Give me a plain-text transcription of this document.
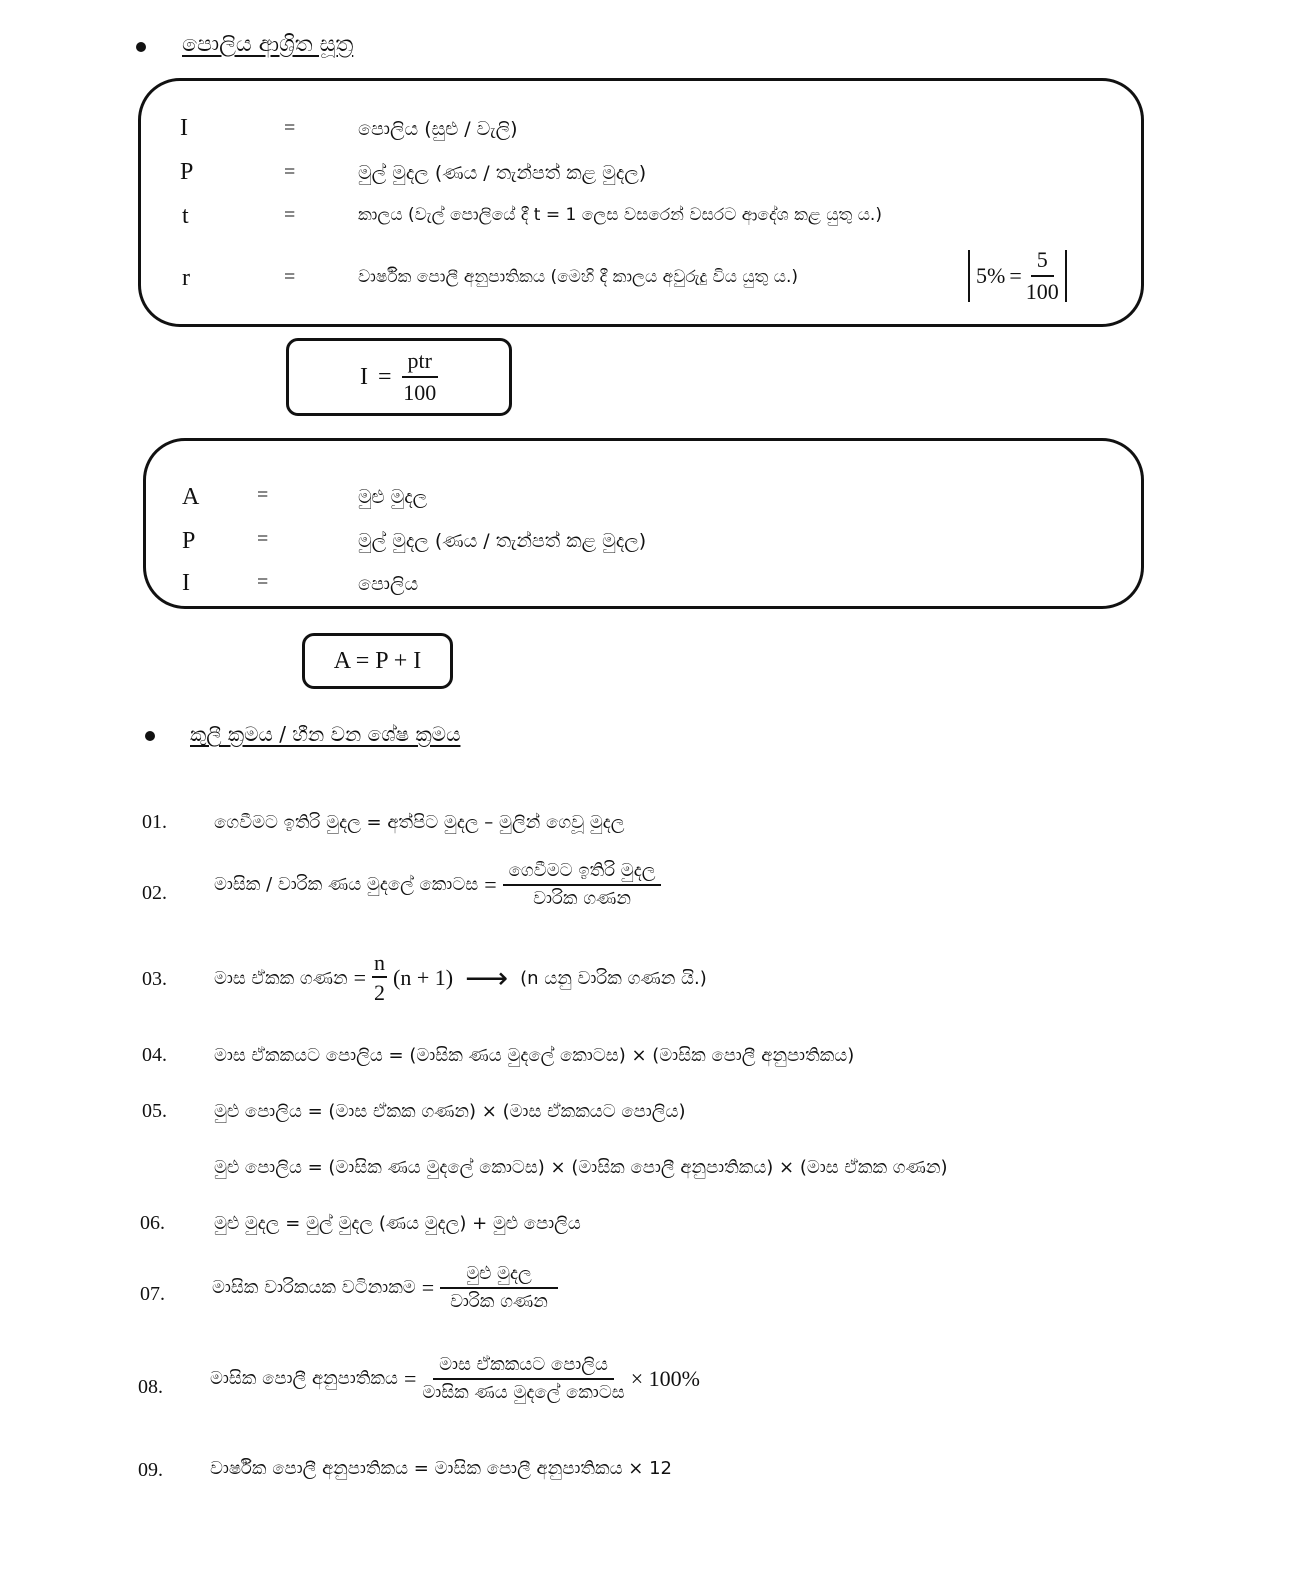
පොලිය ආශ්‍රිත සූත්‍ර
I	=	පොලිය (සුළු / වැලි)
P	=	මුල් මුදල (ණය / තැන්පත් කළ මුදල)
t	=	කාලය (වැල් පොලියේ දී t = 1 ලෙස වසරෙන් වසරට ආදේශ කළ යුතු ය.)
r	=	වාර්ෂික පොලී අනුපාතිකය (මෙහි දී කාලය අවුරුදු විය යුතු ය.)	$5\% = \frac{5}{100}$
$I = \frac{\text{ptr}}{100}$
A	=	මුළු මුදල
P	=	මුල් මුදල (ණය / තැන්පත් කළ මුදල)
I	=	පොලිය
A = P + I
කුලී ක්‍රමය / හීන වන ශේෂ ක්‍රමය
01.	ගෙවීමට ඉතිරි මුදල = අත්පිට මුදල – මුලින් ගෙවූ මුදල
02.	මාසික / වාරික ණය මුදලේ කොටස = $\frac{\text{ගෙවීමට ඉතිරි මුදල}}{\text{වාරික ගණන}}$
03.	මාස ඒකක ගණන = $\frac{n}{2} (n + 1)$ ⟶ (n යනු වාරික ගණන යි.)
04.	මාස ඒකකයට පොලිය = (මාසික ණය මුදලේ කොටස) × (මාසික පොලී අනුපාතිකය)
05.	මුළු පොලිය = (මාස ඒකක ගණන) × (මාස ඒකකයට පොලිය)
මුළු පොලිය = (මාසික ණය මුදලේ කොටස) × (මාසික පොලී අනුපාතිකය) × (මාස ඒකක ගණන)
06.	මුළු මුදල = මුල් මුදල (ණය මුදල) + මුළු පොලිය
07.	මාසික වාරිකයක වටිනාකම = $\frac{\text{මුළු මුදල}}{\text{වාරික ගණන}}$
08.	මාසික පොලී අනුපාතිකය = $\frac{\text{මාස ඒකකයට පොලිය}}{\text{මාසික ණය මුදලේ කොටස}} \times 100\%$
09.	වාර්ෂික පොලී අනුපාතිකය = මාසික පොලී අනුපාතිකය × 12
